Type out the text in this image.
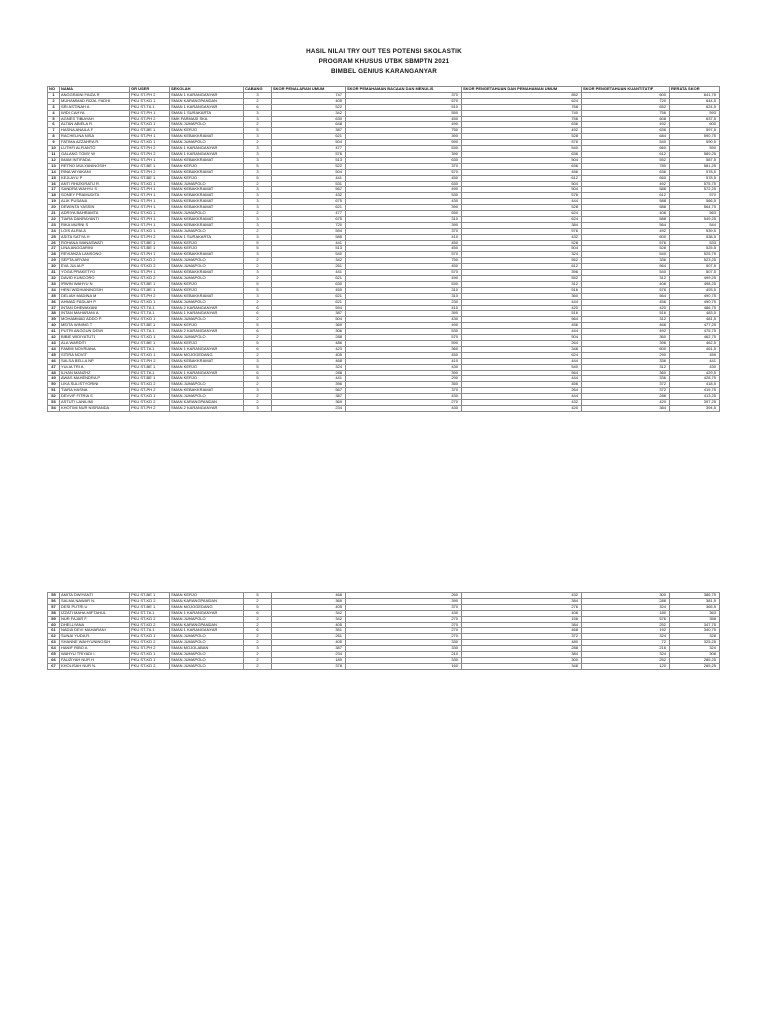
HASIL NILAI TRY OUT TES POTENSI SKOLASTIK
PROGRAM KHUSUS UTBK SBMPTN 2021
BIMBEL GENIUS KARANGANYAR
NO	NAMA	GR USER	SEKOLAH	CABANG	SKOR PENALARAN UMUM	SKOR PEMAHAMAN BACAAN DAN MENULIS	SKOR PENGETAHUAN DAN PEMAHAMAN UMUM	SKOR PENGETAHUAN KUANTITATIF	RERATA SKOR
1	ANGGRAINI FAIZA R	PKU ST-PH 2	SMAN 1 KARANGANYAR	3	747	370	852	600	641,75
2	MUHAMMAD RIZAL FADHI	PKU ST-KD 1	SMAN KARANGPANDAN	2	405	570	624	720	644,5
3	SRI ASTINAH A	PKU ST-TA 1	SMAN 1 KARANGANYAR	6	522	510	768	652	624,5
4	WIDI CAHYA	PKU ST-PH 1	SMAN 1 SURAKARTA	3	342	550	740	756	593
5	AGNES TIBIAYAH	PKU ST-PH 2	SMK FARMASI SKA	3	630	450	756	608	637,5
6	ALTAN ABIELA R.	PKU ST-KD 1	SMAN JUMAPOLO	2	648	490	636	492	600
7	HASNA ANAILA F	PKU ST-BE 1	SMAN KERJO	5	387	750	492	636	597,5
8	RACHELINA NISA	PKU ST-PH 1	SMAN KEBAKKRAMAT	3	621	390	528	684	590,75
9	FATIMA AZZAHRA R.	PKU ST-KD 1	SMAN JUMAPOLO	2	504	590	576	540	590,5
10	LUTHFI ALFIANTO	PKU ST-PH 2	SMAN 1 KARANGANYAR	3	477	530	540	660	590
11	GALANG TOMY W	PKU ST-PH 2	SMAN 1 KARANGANYAR	3	576	390	636	612	589,25
12	IMAM INTIFADA	PKU ST-PH 1	SMAN KEBAKKRAMAT	3	513	630	504	552	587,5
13	RETNO MULYANINGSIH	PKU ST-BE 1	SMAN KERJO	5	522	370	636	780	581,25
14	RINA WIYAKANI	PKU ST-PH 2	SMAN KEBAKKRAMAT	3	504	570	456	636	578,5
15	KEJLAYU P	PKU ST-BE 1	SMAN KERJO	5	441	450	612	660	578,5
16	ANTI RHIZKIRATU R.	PKU ST-KD 1	SMAN JUMAPOLO	2	531	630	504	492	575,75
17	SANDRA WAHYU S	PKU ST-PH 1	SMAN KEBAKKRAMAT	3	567	490	504	588	572,25
18	SONEY PRAMUDITA	PKU ST-PH 1	SMAN KEBAKKRAMAT	3	432	530	576	612	570
19	ALIK PUSANA	PKU ST-PH 1	SMAN KEBAKKRAMAT	3	675	430	444	588	566,5
20	DEWINTA YASSIN	PKU ST-PH 1	SMAN KEBAKKRAMAT	3	621	390	528	588	564,75
21	ADRIYA BAHRAMTA	PKU ST-KD 1	SMAN JUMAPOLO	2	477	550	624	408	563
22	TIARA DANRAYANTI	PKU ST-PH 1	SMAN KEBAKKRAMAT	3	675	310	624	588	549,25
23	RIKA MURNI S	PKU ST-PH 1	SMAN KEBAKKRAMAT	3	720	390	384	564	544
24	LOIS ALRIA A	PKU ST-KD 1	SMAN JUMAPOLO	2	594	370	576	492	539,5
25	ASITA SATYA H	PKU ST-PH 2	SMAN 1 SURAKARTA	3	585	410	432	600	538,5
26	ROHANA WANASWATI	PKU ST-BE 1	SMAN KERJO	5	441	450	528	576	533
27	LINA ANGGARINI	PKU ST-BE 1	SMAN KERJO	5	513	450	504	528	525,5
28	REVIANZA LANSONO	PKU ST-PH 1	SMAN KEBAKKRAMAT	3	540	570	324	540	525,75
29	SEPTA ARYANI	PKU ST-KD 2	SMAN JUMAPOLO	2	342	750	552	336	523,25
30	EVA JULIA P	PKU ST-KD 2	SMAN JUMAPOLO	2	261	450	612	564	507,5
31	YOGA PRAKETYO	PKU ST-PH 1	SMAN KEBAKKRAMAT	3	441	570	396	540	507,5
32	DAVID KUNCORO	PKU ST-KD 2	SMAN JUMAPOLO	2	621	490	552	312	499,25
33	IRWIN WAHYU N	PKU ST-BE 1	SMAN KERJO	5	630	530	312	408	498,25
34	HENI WIDHIANINGSIH	PKU ST-BE 1	SMAN KERJO	5	450	310	516	576	493,5
35	DELIAH MADINA M	PKU ST-PH 2	SMAN KEBAKKRAMAT	3	621	310	360	564	490,75
36	AHMAD FADLAH P.	PKU ST-KD 1	SMAN JUMAPOLO	2	621	230	444	456	490,75
37	INTAN DHEWAYANI	PKU ST-TA 1	SMAN 2 KARANGANYAR	6	594	410	420	420	486,75
38	INTAN MAHARANI A	PKU ST-TA 1	SMAN 1 KARANGANYAR	6	387	390	516	516	483,5
39	MOHAMMAD ADDO P.	PKU ST-KD 1	SMAN JUMAPOLO	2	504	430	564	312	481,5
40	MEITA WINING T	PKU ST-BE 1	SMAN KERJO	5	369	490	456	468	477,25
41	PUTRI ANGGUN DEWI	PKU ST-TA 1	SMAN 2 KARANGANYAR	6	306	530	444	492	475,75
42	BIBIE WIDIYATUTI	PKU ST-KD 1	SMAN JUMAPOLO	2	288	570	504	360	462,75
43	ALA WARDITI	PKU ST-BE 1	SMAN KERJO	5	486	590	264	396	462,5
44	FAMMI NOVRIANA	PKU ST-TA 1	SMAN 1 KARANGANYAR	6	423	360	348	600	461,5
45	SITIRA NOVIT	PKU ST-KD 1	SMAN MOJOGEDANG	2	405	450	624	290	459
46	SALSA BELLA NP	PKU ST-PH 2	SMAN KEBAKKRAMAT	3	468	410	444	336	441
47	YULIA TRI A	PKU ST-BE 1	SMAN KERJO	5	324	430	540	312	430
48	ILHAN MANZHZ	PKU ST-TA 1	SMAN 1 KARANGANYAR	6	288	390	564	360	429,5
49	AWAS MAHENDRA P	PKU ST-BE 1	SMAN KERJO	5	441	290	444	336	428,75
50	LIKA SULISTYORINI	PKU ST-KD 2	SMAN JUMAPOLO	2	396	350	456	372	418,5
51	TIARA HASNA	PKU ST-PH 2	SMAN KEBAKKRAMAT	3	567	370	264	372	415,75
52	DEVVIF FITRIA S	PKU ST-KD 1	SMAN JUMAPOLO	2	387	430	444	288	413,25
53	ASTUTI LANILIMI	PKU ST-KD 2	SMAN KARANGPANDAN	2	369	270	432	420	397,25
54	KHOTIMI NUR NISRANDA	PKU ST-PH 2	SMAN 2 KARANGANYAR	3	234	430	420	384	394,5
55	AMITA DWIYANTI	PKU ST-BE 1	SMAN KERJO	5	468	260	432	300	386,75
56	SALMA NAWAR N.	PKU ST-KD 2	SMAN KARANGPANDAN	2	369	390	384	288	381,5
57	DESI PUTRI U	PKU ST-BE 1	SMAN MOJOGEDANG	5	405	370	276	324	365,5
58	IZZATI MAHA MIFTAHUL	PKU ST-TA 1	SMAN 1 KARANGANYAR	6	342	430	408	180	363
59	NUR FAJAR F.	PKU ST-KD 2	SMAN JUMAPOLO	2	342	270	156	576	358
60	DHELLYANA	PKU ST-KD 2	SMAN KARANGPANDAN	2	405	270	384	252	347,75
61	NADIA DEVI MAHARANI	PKU ST-TA 1	SMAN 1 KARANGANYAR	6	351	270	468	192	340,75
62	SUNAI YUDA R.	PKU ST-KD 1	SMAN JUMAPOLO	2	261	270	372	324	328
63	SHANNE WAHYUNINGSIH	PKU ST-KD 2	SMAN JUMAPOLO	2	405	330	480	72	325,25
64	HANIF RIBO A	PKU ST-PH 2	SMAN MOJOLABAN	3	387	330	288	216	324
65	WAHYU TRIYADI I.	PKU ST-KD 1	SMAN JUMAPOLO	2	234	210	384	324	308
66	FAUZIYAH NUR H	PKU ST-KD 1	SMAN JUMAPOLO	2	180	330	300	252	285,25
67	KHOLISAH NUR N.	PKU ST-KD 2	SMAN JUMAPOLO	2	378	160	348	120	265,25
